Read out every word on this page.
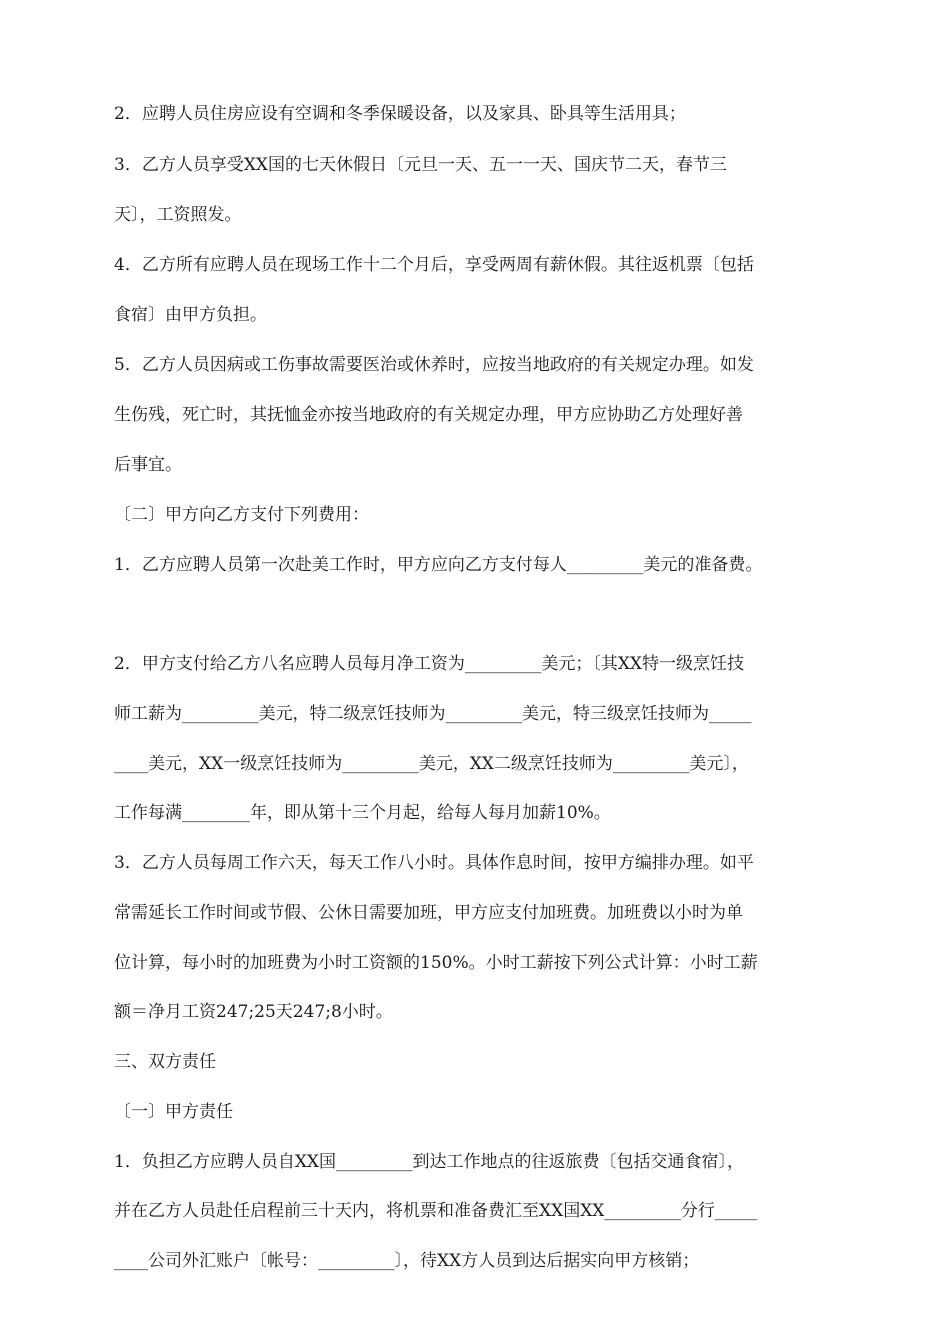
2．应聘人员住房应设有空调和冬季保暖设备，以及家具、卧具等生活用具；
3．乙方人员享受XX国的七天休假日〔元旦一天、五一一天、国庆节二天，春节三
天〕，工资照发。
4．乙方所有应聘人员在现场工作十二个月后，享受两周有薪休假。其往返机票〔包括
食宿〕由甲方负担。
5．乙方人员因病或工伤事故需要医治或休养时，应按当地政府的有关规定办理。如发
生伤残，死亡时，其抚恤金亦按当地政府的有关规定办理，甲方应协助乙方处理好善
后事宜。
〔二〕甲方向乙方支付下列费用：
1．乙方应聘人员第一次赴美工作时，甲方应向乙方支付每人_________美元的准备费。
2．甲方支付给乙方八名应聘人员每月净工资为_________美元；〔其XX特一级烹饪技
师工薪为_________美元，特二级烹饪技师为_________美元，特三级烹饪技师为_____
____美元，XX一级烹饪技师为_________美元，XX二级烹饪技师为_________美元〕，
工作每满________年，即从第十三个月起，给每人每月加薪10%。
3．乙方人员每周工作六天，每天工作八小时。具体作息时间，按甲方编排办理。如平
常需延长工作时间或节假、公休日需要加班，甲方应支付加班费。加班费以小时为单
位计算，每小时的加班费为小时工资额的150%。小时工薪按下列公式计算：小时工薪
额＝净月工资247;25天247;8小时。
三、双方责任
〔一〕甲方责任
1．负担乙方应聘人员自XX国_________到达工作地点的往返旅费〔包括交通食宿〕，
并在乙方人员赴任启程前三十天内，将机票和准备费汇至XX国XX_________分行_____
____公司外汇账户〔帐号：_________〕，待XX方人员到达后据实向甲方核销；
